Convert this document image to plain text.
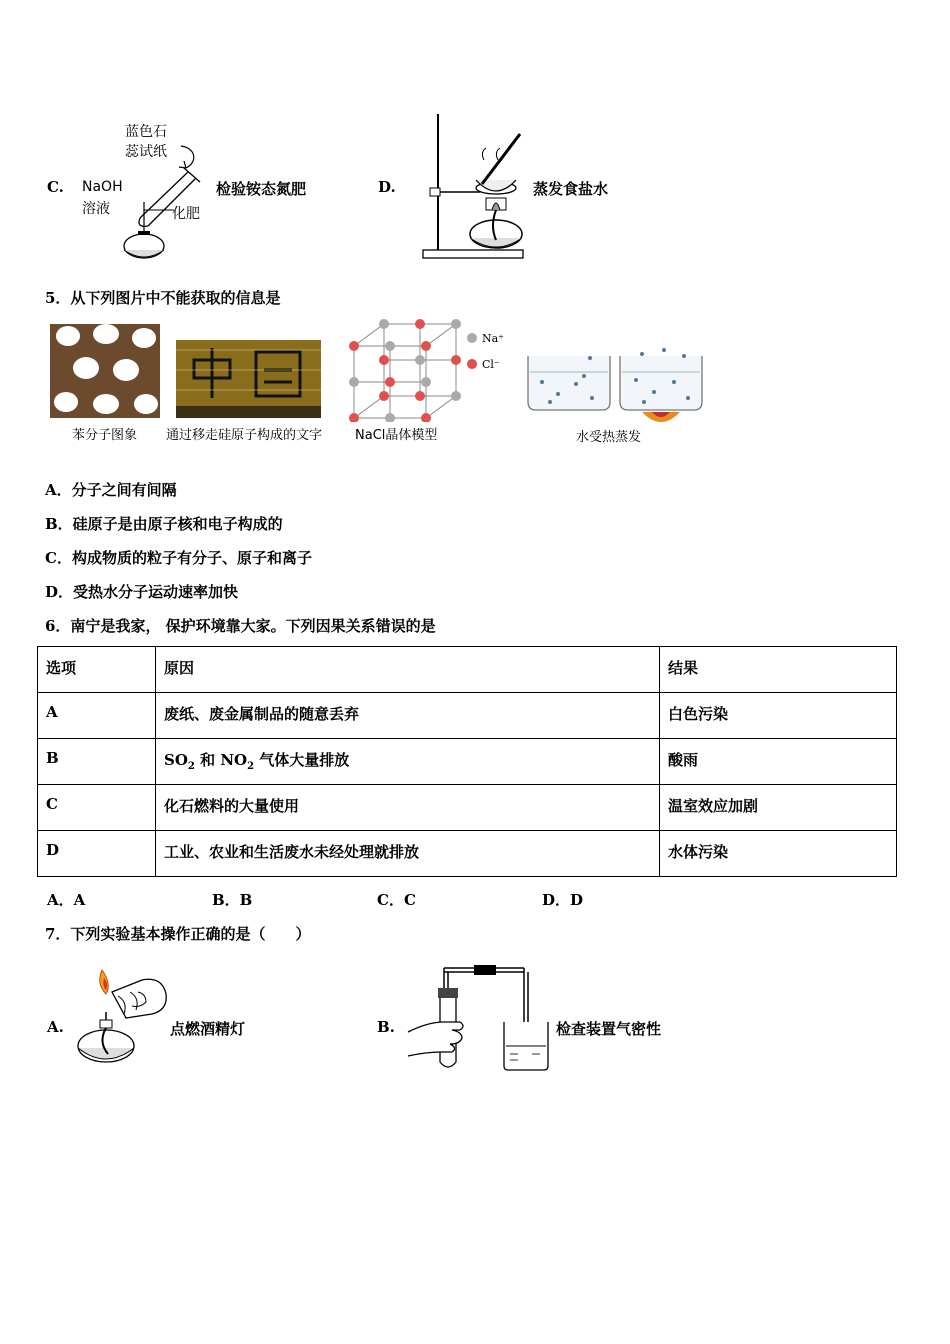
C.
蓝色石
蕊试纸
NaOH
溶液	化肥
检验铵态氮肥	D.	蒸发食盐水
5．从下列图片中不能获取的信息是
苯分子图象 通过移走硅原子构成的文字
Na⁺
Cl⁻
NaCl晶体模型	水受热蒸发
A．分子之间有间隔
B．硅原子是由原子核和电子构成的
C．构成物质的粒子有分子、原子和离子
D．受热水分子运动速率加快
6．南宁是我家， 保护环境靠大家。下列因果关系错误的是
选项	原因	结果
A	废纸、废金属制品的随意丢弃	白色污染
B	$SO_2$ 和 $NO_2$ 气体大量排放	酸雨
C	化石燃料的大量使用	温室效应加剧
D	工业、农业和生活废水未经处理就排放	水体污染
A．A	B．B	C．C	D．D
7．下列实验基本操作正确的是（　　）
A.	点燃酒精灯	B.	检查装置气密性
